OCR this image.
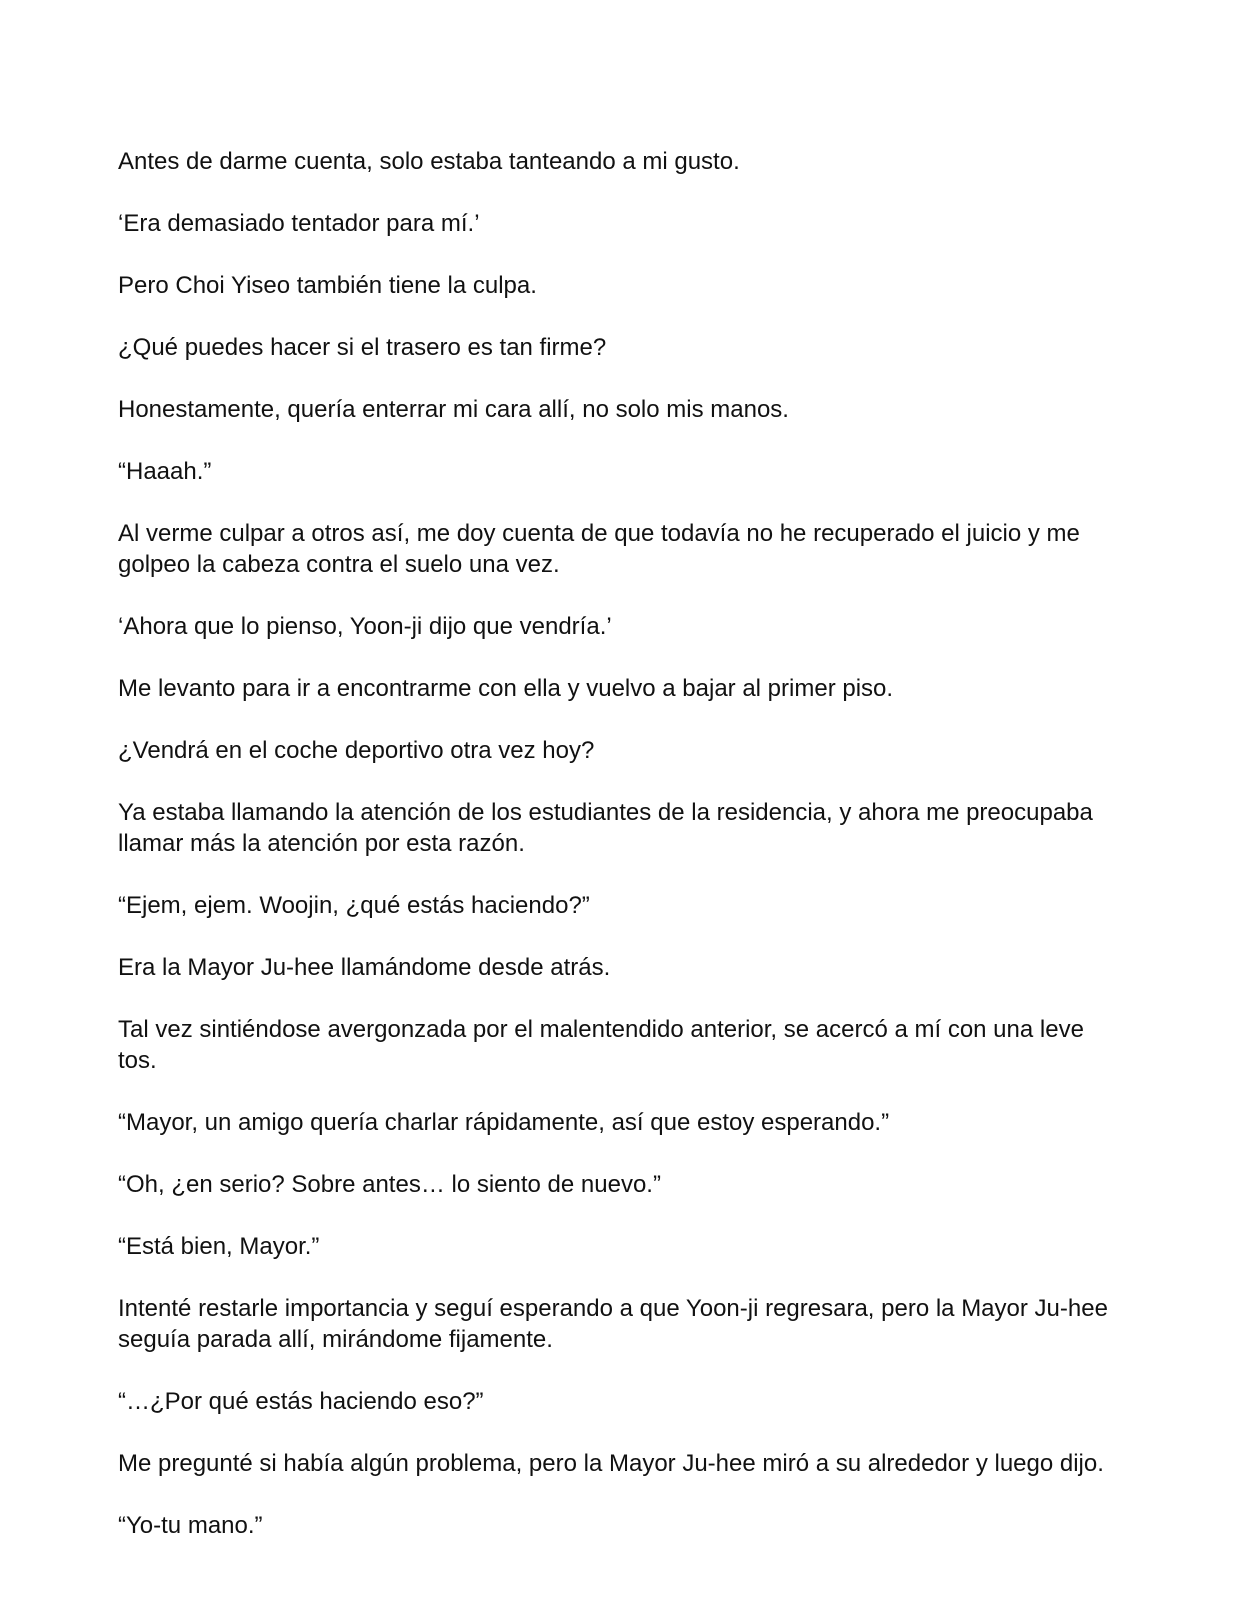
Antes de darme cuenta, solo estaba tanteando a mi gusto.

‘Era demasiado tentador para mí.’

Pero Choi Yiseo también tiene la culpa.

¿Qué puedes hacer si el trasero es tan firme?

Honestamente, quería enterrar mi cara allí, no solo mis manos.

“Haaah.”

Al verme culpar a otros así, me doy cuenta de que todavía no he recuperado el juicio y me golpeo la cabeza contra el suelo una vez.

‘Ahora que lo pienso, Yoon-ji dijo que vendría.’

Me levanto para ir a encontrarme con ella y vuelvo a bajar al primer piso.

¿Vendrá en el coche deportivo otra vez hoy?

Ya estaba llamando la atención de los estudiantes de la residencia, y ahora me preocupaba llamar más la atención por esta razón.

“Ejem, ejem. Woojin, ¿qué estás haciendo?”

Era la Mayor Ju-hee llamándome desde atrás.

Tal vez sintiéndose avergonzada por el malentendido anterior, se acercó a mí con una leve tos.

“Mayor, un amigo quería charlar rápidamente, así que estoy esperando.”

“Oh, ¿en serio? Sobre antes… lo siento de nuevo.”

“Está bien, Mayor.”

Intenté restarle importancia y seguí esperando a que Yoon-ji regresara, pero la Mayor Ju-hee seguía parada allí, mirándome fijamente.

“…¿Por qué estás haciendo eso?”

Me pregunté si había algún problema, pero la Mayor Ju-hee miró a su alrededor y luego dijo.

“Yo-tu mano.”
